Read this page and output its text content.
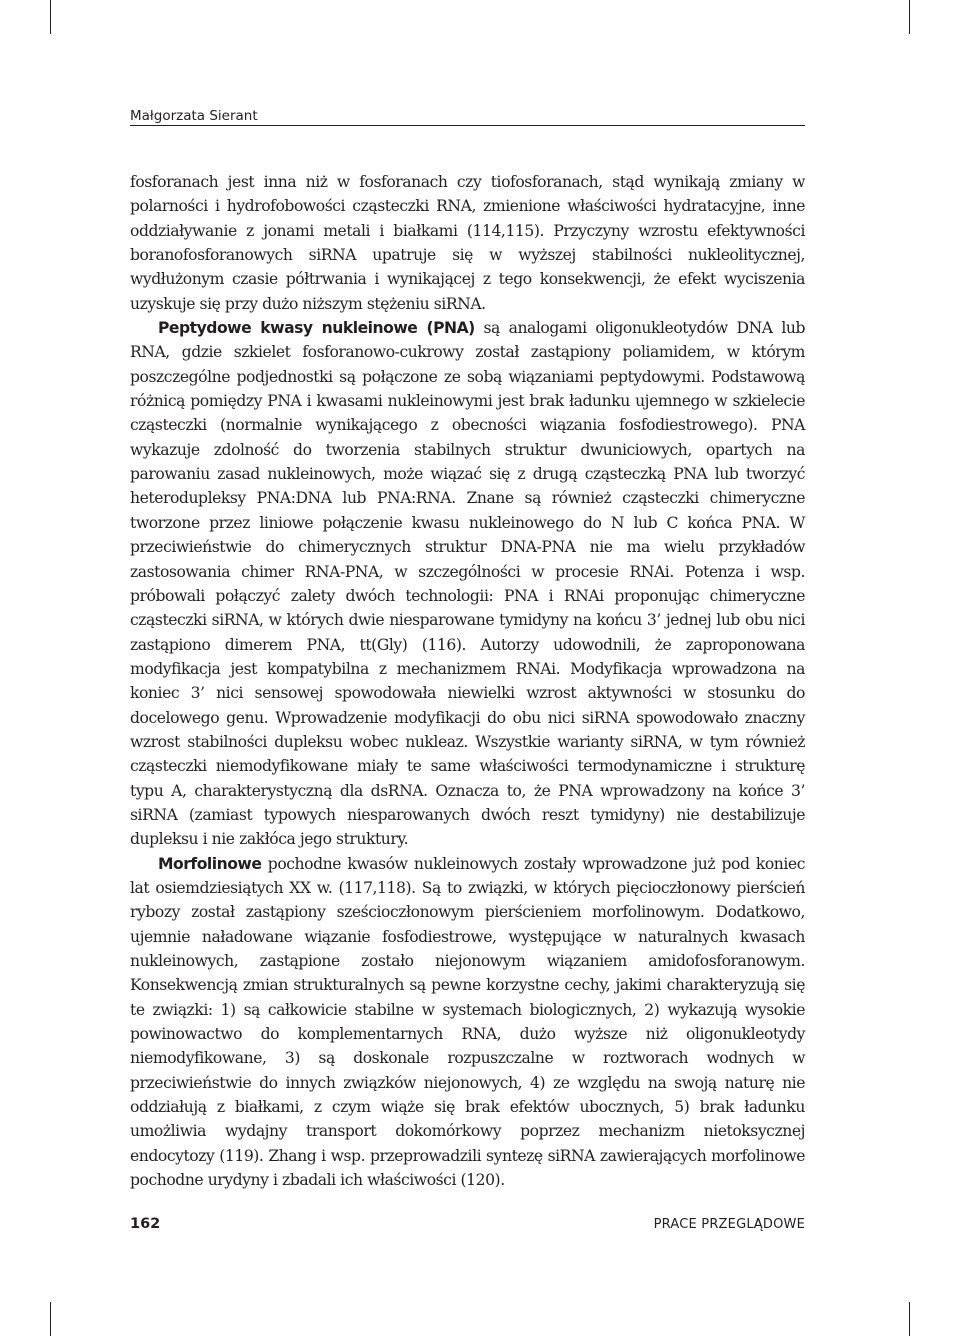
Małgorzata Sierant

fosforanach jest inna niż w fosforanach czy tiofosforanach, stąd wynikają zmiany w polarności i hydrofobowości cząsteczki RNA, zmienione właściwości hydratacyjne, inne oddziaływanie z jonami metali i białkami (114,115). Przyczyny wzrostu efektywności boranofosforanowych siRNA upatruje się w wyższej stabilności nukleolitycznej, wydłużonym czasie półtrwania i wynikającej z tego konsekwencji, że efekt wyciszenia uzyskuje się przy dużo niższym stężeniu siRNA.

Peptydowe kwasy nukleinowe (PNA) są analogami oligonukleotydów DNA lub RNA, gdzie szkielet fosforanowo-cukrowy został zastąpiony poliamidem, w którym poszczególne podjednostki są połączone ze sobą wiązaniami peptydowymi. Podstawową różnicą pomiędzy PNA i kwasami nukleinowymi jest brak ładunku ujemnego w szkielecie cząsteczki (normalnie wynikającego z obecności wiązania fosfodiestrowego). PNA wykazuje zdolność do tworzenia stabilnych struktur dwuniciowych, opartych na parowaniu zasad nukleinowych, może wiązać się z drugą cząsteczką PNA lub tworzyć heterodupleksy PNA:DNA lub PNA:RNA. Znane są również cząsteczki chimeryczne tworzone przez liniowe połączenie kwasu nukleinowego do N lub C końca PNA. W przeciwieństwie do chimerycznych struktur DNA-PNA nie ma wielu przykładów zastosowania chimer RNA-PNA, w szczególności w procesie RNAi. Potenza i wsp. próbowali połączyć zalety dwóch technologii: PNA i RNAi proponując chimeryczne cząsteczki siRNA, w których dwie niesparowane tymidyny na końcu 3’ jednej lub obu nici zastąpiono dimerem PNA, tt(Gly) (116). Autorzy udowodnili, że zaproponowana modyfikacja jest kompatybilna z mechanizmem RNAi. Modyfikacja wprowadzona na koniec 3’ nici sensowej spowodowała niewielki wzrost aktywności w stosunku do docelowego genu. Wprowadzenie modyfikacji do obu nici siRNA spowodowało znaczny wzrost stabilności dupleksu wobec nukleaz. Wszystkie warianty siRNA, w tym również cząsteczki niemodyfikowane miały te same właściwości termodynamiczne i strukturę typu A, charakterystyczną dla dsRNA. Oznacza to, że PNA wprowadzony na końce 3’ siRNA (zamiast typowych niesparowanych dwóch reszt tymidyny) nie destabilizuje dupleksu i nie zakłóca jego struktury.

Morfolinowe pochodne kwasów nukleinowych zostały wprowadzone już pod koniec lat osiemdziesiątych XX w. (117,118). Są to związki, w których pięcioczłonowy pierścień rybozy został zastąpiony sześcioczłonowym pierścieniem morfolinowym. Dodatkowo, ujemnie naładowane wiązanie fosfodiestrowe, występujące w naturalnych kwasach nukleinowych, zastąpione zostało niejonowym wiązaniem amidofosforanowym. Konsekwencją zmian strukturalnych są pewne korzystne cechy, jakimi charakteryzują się te związki: 1) są całkowicie stabilne w systemach biologicznych, 2) wykazują wysokie powinowactwo do komplementarnych RNA, dużo wyższe niż oligonukleotydy niemodyfikowane, 3) są doskonale rozpuszczalne w roztworach wodnych w przeciwieństwie do innych związków niejonowych, 4) ze względu na swoją naturę nie oddziałują z białkami, z czym wiąże się brak efektów ubocznych, 5) brak ładunku umożliwia wydajny transport dokomórkowy poprzez mechanizm nietoksycznej endocytozy (119). Zhang i wsp. przeprowadzili syntezę siRNA zawierających morfolinowe pochodne urydyny i zbadali ich właściwości (120).

162	PRACE PRZEGLĄDOWE
